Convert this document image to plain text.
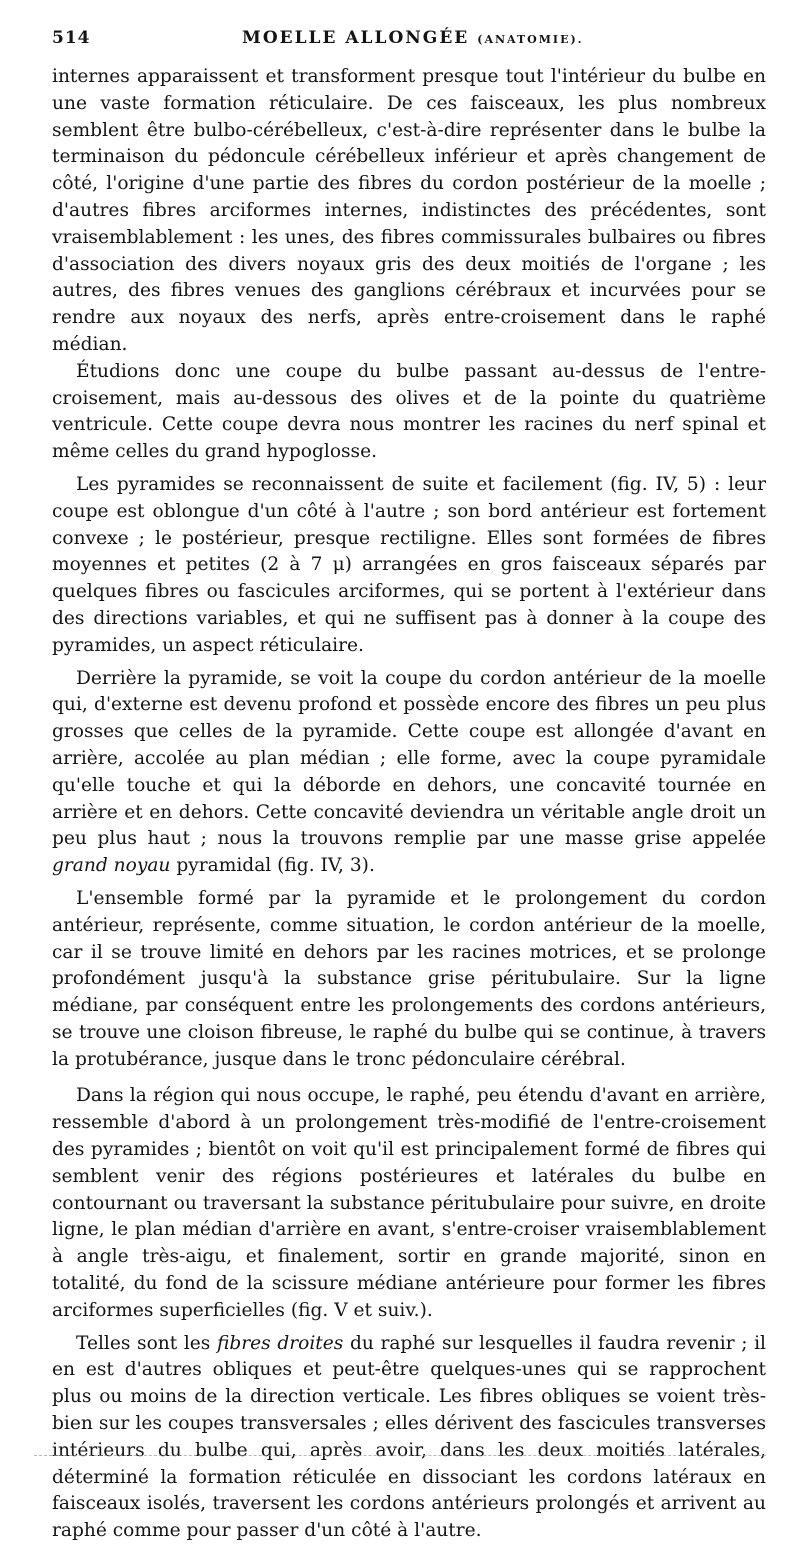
514	MOELLE ALLONGÉE (ANATOMIE).

internes apparaissent et transforment presque tout l'intérieur du bulbe en une vaste formation réticulaire. De ces faisceaux, les plus nombreux semblent être bulbo-cérébelleux, c'est-à-dire représenter dans le bulbe la terminaison du pédoncule cérébelleux inférieur et après changement de côté, l'origine d'une partie des fibres du cordon postérieur de la moelle ; d'autres fibres arciformes internes, indistinctes des précédentes, sont vraisemblablement : les unes, des fibres commissurales bulbaires ou fibres d'association des divers noyaux gris des deux moitiés de l'organe ; les autres, des fibres venues des ganglions cérébraux et incurvées pour se rendre aux noyaux des nerfs, après entre-croisement dans le raphé médian.

Étudions donc une coupe du bulbe passant au-dessus de l'entre-croisement, mais au-dessous des olives et de la pointe du quatrième ventricule. Cette coupe devra nous montrer les racines du nerf spinal et même celles du grand hypoglosse.

Les pyramides se reconnaissent de suite et facilement (fig. IV, 5) : leur coupe est oblongue d'un côté à l'autre ; son bord antérieur est fortement convexe ; le postérieur, presque rectiligne. Elles sont formées de fibres moyennes et petites (2 à 7 μ) arrangées en gros faisceaux séparés par quelques fibres ou fascicules arciformes, qui se portent à l'extérieur dans des directions variables, et qui ne suffisent pas à donner à la coupe des pyramides, un aspect réticulaire.

Derrière la pyramide, se voit la coupe du cordon antérieur de la moelle qui, d'externe est devenu profond et possède encore des fibres un peu plus grosses que celles de la pyramide. Cette coupe est allongée d'avant en arrière, accolée au plan médian ; elle forme, avec la coupe pyramidale qu'elle touche et qui la déborde en dehors, une concavité tournée en arrière et en dehors. Cette concavité deviendra un véritable angle droit un peu plus haut ; nous la trouvons remplie par une masse grise appelée grand noyau pyramidal (fig. IV, 3).

L'ensemble formé par la pyramide et le prolongement du cordon antérieur, représente, comme situation, le cordon antérieur de la moelle, car il se trouve limité en dehors par les racines motrices, et se prolonge profondément jusqu'à la substance grise péritubulaire. Sur la ligne médiane, par conséquent entre les prolongements des cordons antérieurs, se trouve une cloison fibreuse, le raphé du bulbe qui se continue, à travers la protubérance, jusque dans le tronc pédonculaire cérébral.

Dans la région qui nous occupe, le raphé, peu étendu d'avant en arrière, ressemble d'abord à un prolongement très-modifié de l'entre-croisement des pyramides ; bientôt on voit qu'il est principalement formé de fibres qui semblent venir des régions postérieures et latérales du bulbe en contournant ou traversant la substance péritubulaire pour suivre, en droite ligne, le plan médian d'arrière en avant, s'entre-croiser vraisemblablement à angle très-aigu, et finalement, sortir en grande majorité, sinon en totalité, du fond de la scissure médiane antérieure pour former les fibres arciformes superficielles (fig. V et suiv.).

Telles sont les fibres droites du raphé sur lesquelles il faudra revenir ; il en est d'autres obliques et peut-être quelques-unes qui se rapprochent plus ou moins de la direction verticale. Les fibres obliques se voient très-bien sur les coupes transversales ; elles dérivent des fascicules transverses intérieurs du bulbe qui, après avoir, dans les deux moitiés latérales, déterminé la formation réticulée en dissociant les cordons latéraux en faisceaux isolés, traversent les cordons antérieurs prolongés et arrivent au raphé comme pour passer d'un côté à l'autre.
